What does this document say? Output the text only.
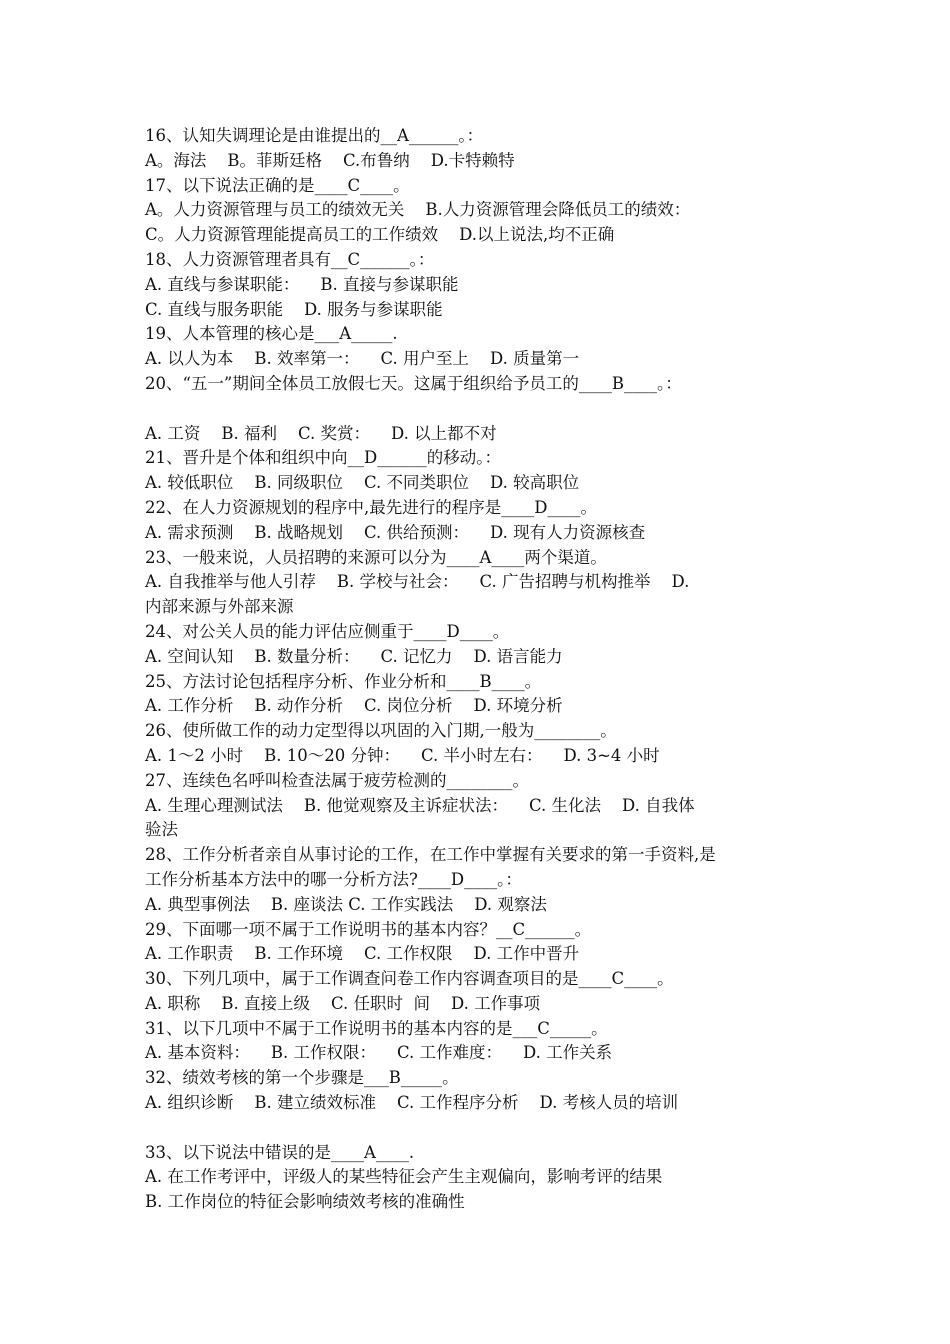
16、认知失调理论是由谁提出的__A______。：
A。海法    B。菲斯廷格    C.布鲁纳    D.卡特赖特
17、以下说法正确的是____C____。
A。人力资源管理与员工的绩效无关    B.人力资源管理会降低员工的绩效：
C。人力资源管理能提高员工的工作绩效    D.以上说法,均不正确
18、人力资源管理者具有__C______。：
A. 直线与参谋职能：    B. 直接与参谋职能
C. 直线与服务职能    D. 服务与参谋职能
19、人本管理的核心是___A_____.
A. 以人为本    B. 效率第一：    C. 用户至上    D. 质量第一
20、“五一”期间全体员工放假七天。这属于组织给予员工的____B____。：
A. 工资    B. 福利    C. 奖赏：    D. 以上都不对
21、晋升是个体和组织中向__D______的移动。：
A. 较低职位    B. 同级职位    C. 不同类职位    D. 较高职位
22、在人力资源规划的程序中,最先进行的程序是____D____。
A. 需求预测    B. 战略规划    C. 供给预测：    D. 现有人力资源核查
23、一般来说，人员招聘的来源可以分为____A____两个渠道。
A. 自我推举与他人引荐    B. 学校与社会：    C. 广告招聘与机构推举    D.
内部来源与外部来源
24、对公关人员的能力评估应侧重于____D____。
A. 空间认知    B. 数量分析：    C. 记忆力    D. 语言能力
25、方法讨论包括程序分析、作业分析和____B____。
A. 工作分析    B. 动作分析    C. 岗位分析    D. 环境分析
26、使所做工作的动力定型得以巩固的入门期,一般为________。
A. 1～2 小时    B. 10～20 分钟：    C. 半小时左右：    D. 3~4 小时
27、连续色名呼叫检查法属于疲劳检测的________。
A. 生理心理测试法    B. 他觉观察及主诉症状法：    C. 生化法    D. 自我体
验法
28、工作分析者亲自从事讨论的工作，在工作中掌握有关要求的第一手资料,是
工作分析基本方法中的哪一分析方法?____D____。：
A. 典型事例法    B. 座谈法 C. 工作实践法    D. 观察法
29、下面哪一项不属于工作说明书的基本内容？__C______。
A. 工作职责    B. 工作环境    C. 工作权限    D. 工作中晋升
30、下列几项中，属于工作调查问卷工作内容调查项目的是____C____。
A. 职称    B. 直接上级    C. 任职时  间    D. 工作事项
31、以下几项中不属于工作说明书的基本内容的是___C_____。
A. 基本资料：    B. 工作权限：    C. 工作难度：    D. 工作关系
32、绩效考核的第一个步骤是___B_____。
A. 组织诊断    B. 建立绩效标准    C. 工作程序分析    D. 考核人员的培训
33、以下说法中错误的是____A____.
A. 在工作考评中，评级人的某些特征会产生主观偏向，影响考评的结果
B. 工作岗位的特征会影响绩效考核的准确性
